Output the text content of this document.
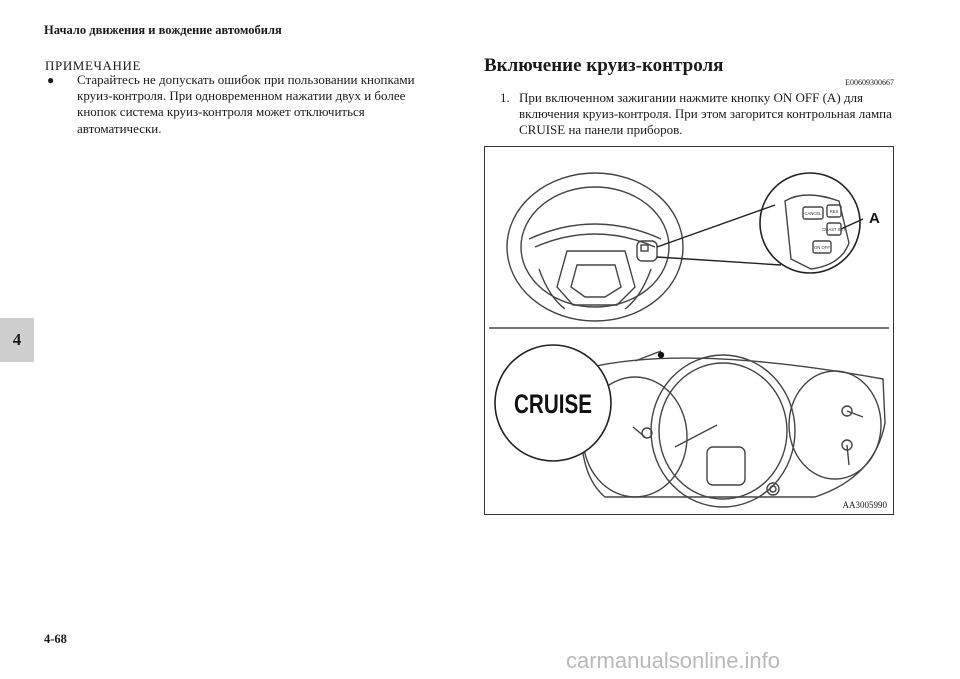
Начало движения и вождение автомобиля
4
ПРИМЕЧАНИЕ
●	Старайтесь не допускать ошибок при пользовании кнопками круиз-контроля. При одновременном нажатии двух и более кнопок система круиз-контроля может отключиться автоматически.
Включение круиз-контроля
E00609300667
1. При включенном зажигании нажмите кнопку ON OFF (A) для включения круиз-контроля. При этом загорится контрольная лампа CRUISE на панели приборов.
CANCEL RES
COAST SET
ON OFF
A
CRUISE
AA3005990
4-68
carmanualsonline.info
